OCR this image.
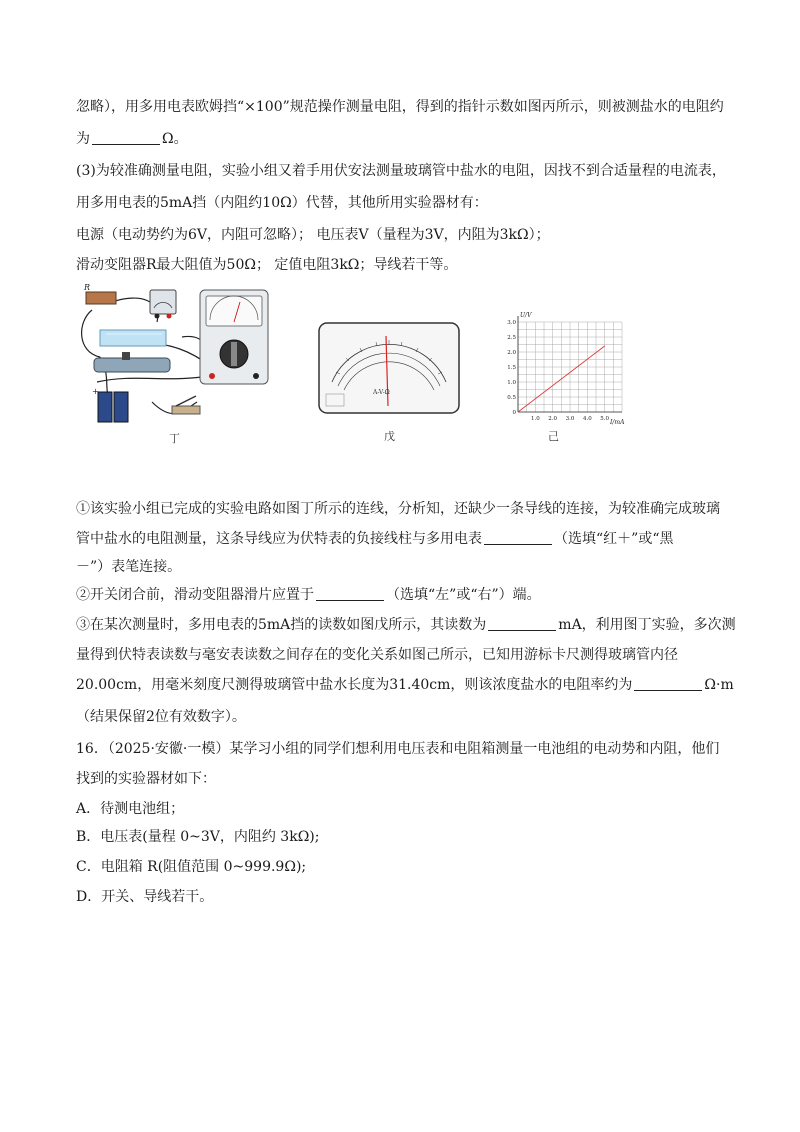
忽略），用多用电表欧姆挡“×100”规范操作测量电阻，得到的指针示数如图丙所示，则被测盐水的电阻约
为	Ω。
(3)为较准确测量电阻，实验小组又着手用伏安法测量玻璃管中盐水的电阻，因找不到合适量程的电流表，
用多用电表的5mA挡（内阻约10Ω）代替，其他所用实验器材有：
电源（电动势约为6V，内阻可忽略）； 电压表V（量程为3V，内阻为3kΩ）；
滑动变阻器R最大阻值为50Ω； 定值电阻3kΩ；导线若干等。
R
+
丁
A-V-Ω
戊
U/V
I/mA
3.0
2.5
2.0
1.5
1.0
0.5
0
1.0 2.0 3.0 4.0 5.0
己
①该实验小组已完成的实验电路如图丁所示的连线，分析知，还缺少一条导线的连接，为较准确完成玻璃
管中盐水的电阻测量，这条导线应为伏特表的负接线柱与多用电表	（选填“红＋”或“黑
－”）表笔连接。
②开关闭合前，滑动变阻器滑片应置于	（选填“左”或“右”）端。
③在某次测量时，多用电表的5mA挡的读数如图戊所示，其读数为	mA，利用图丁实验，多次测
量得到伏特表读数与毫安表读数之间存在的变化关系如图己所示，已知用游标卡尺测得玻璃管内径
20.00cm，用毫米刻度尺测得玻璃管中盐水长度为31.40cm，则该浓度盐水的电阻率约为	Ω·m
（结果保留2位有效数字）。
16．（2025·安徽·一模）某学习小组的同学们想利用电压表和电阻箱测量一电池组的电动势和内阻，他们
找到的实验器材如下：
A．待测电池组；
B．电压表(量程 0~3V，内阻约 3kΩ);
C．电阻箱 R(阻值范围 0~999.9Ω);
D．开关、导线若干。
